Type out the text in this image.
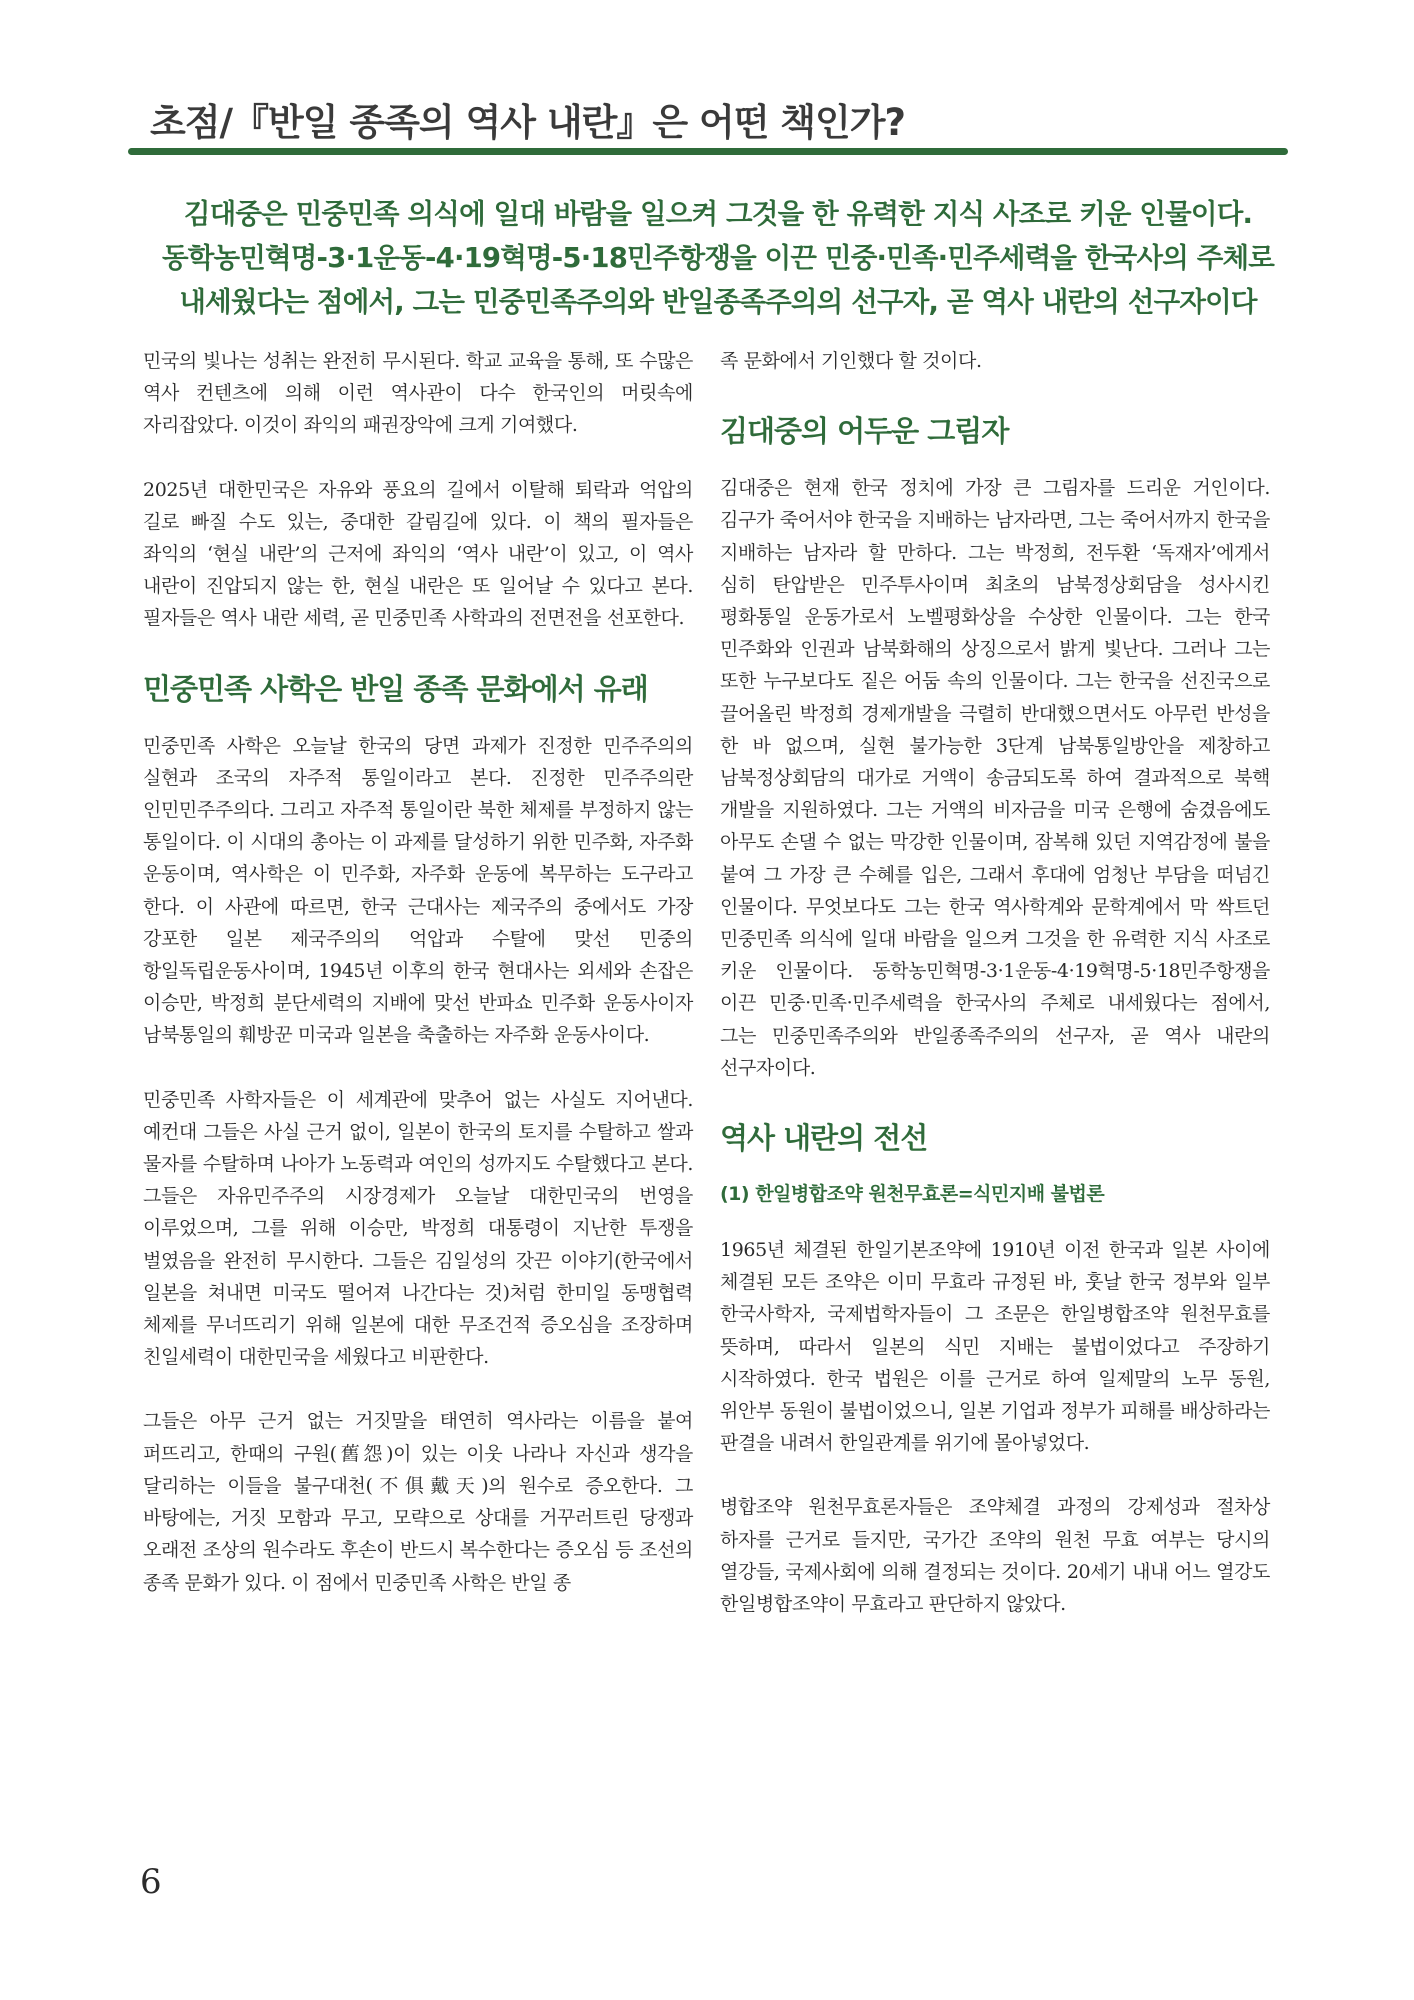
초점/『반일 종족의 역사 내란』은 어떤 책인가?
김대중은 민중민족 의식에 일대 바람을 일으켜 그것을 한 유력한 지식 사조로 키운 인물이다.
동학농민혁명-3·1운동-4·19혁명-5·18민주항쟁을 이끈 민중·민족·민주세력을 한국사의 주체로
내세웠다는 점에서, 그는 민중민족주의와 반일종족주의의 선구자, 곧 역사 내란의 선구자이다

민국의 빛나는 성취는 완전히 무시된다. 학교 교육을 통해, 또 수많은 역사 컨텐츠에 의해 이런 역사관이 다수 한국인의 머릿속에 자리잡았다. 이것이 좌익의 패권장악에 크게 기여했다.

2025년 대한민국은 자유와 풍요의 길에서 이탈해 퇴락과 억압의 길로 빠질 수도 있는, 중대한 갈림길에 있다. 이 책의 필자들은 좌익의 ‘현실 내란’의 근저에 좌익의 ‘역사 내란’이 있고, 이 역사 내란이 진압되지 않는 한, 현실 내란은 또 일어날 수 있다고 본다. 필자들은 역사 내란 세력, 곧 민중민족 사학과의 전면전을 선포한다.

민중민족 사학은 반일 종족 문화에서 유래

민중민족 사학은 오늘날 한국의 당면 과제가 진정한 민주주의의 실현과 조국의 자주적 통일이라고 본다. 진정한 민주주의란 인민민주주의다. 그리고 자주적 통일이란 북한 체제를 부정하지 않는 통일이다. 이 시대의 총아는 이 과제를 달성하기 위한 민주화, 자주화 운동이며, 역사학은 이 민주화, 자주화 운동에 복무하는 도구라고 한다. 이 사관에 따르면, 한국 근대사는 제국주의 중에서도 가장 강포한 일본 제국주의의 억압과 수탈에 맞선 민중의 항일독립운동사이며, 1945년 이후의 한국 현대사는 외세와 손잡은 이승만, 박정희 분단세력의 지배에 맞선 반파쇼 민주화 운동사이자 남북통일의 훼방꾼 미국과 일본을 축출하는 자주화 운동사이다.

민중민족 사학자들은 이 세계관에 맞추어 없는 사실도 지어낸다. 예컨대 그들은 사실 근거 없이, 일본이 한국의 토지를 수탈하고 쌀과 물자를 수탈하며 나아가 노동력과 여인의 성까지도 수탈했다고 본다. 그들은 자유민주주의 시장경제가 오늘날 대한민국의 번영을 이루었으며, 그를 위해 이승만, 박정희 대통령이 지난한 투쟁을 벌였음을 완전히 무시한다. 그들은 김일성의 갓끈 이야기(한국에서 일본을 쳐내면 미국도 떨어져 나간다는 것)처럼 한미일 동맹협력 체제를 무너뜨리기 위해 일본에 대한 무조건적 증오심을 조장하며 친일세력이 대한민국을 세웠다고 비판한다.

그들은 아무 근거 없는 거짓말을 태연히 역사라는 이름을 붙여 퍼뜨리고, 한때의 구원(舊怨)이 있는 이웃 나라나 자신과 생각을 달리하는 이들을 불구대천(不俱戴天)의 원수로 증오한다. 그 바탕에는, 거짓 모함과 무고, 모략으로 상대를 거꾸러트린 당쟁과 오래전 조상의 원수라도 후손이 반드시 복수한다는 증오심 등 조선의 종족 문화가 있다. 이 점에서 민중민족 사학은 반일 종

족 문화에서 기인했다 할 것이다.

김대중의 어두운 그림자

김대중은 현재 한국 정치에 가장 큰 그림자를 드리운 거인이다. 김구가 죽어서야 한국을 지배하는 남자라면, 그는 죽어서까지 한국을 지배하는 남자라 할 만하다. 그는 박정희, 전두환 ‘독재자’에게서 심히 탄압받은 민주투사이며 최초의 남북정상회담을 성사시킨 평화통일 운동가로서 노벨평화상을 수상한 인물이다. 그는 한국 민주화와 인권과 남북화해의 상징으로서 밝게 빛난다. 그러나 그는 또한 누구보다도 짙은 어둠 속의 인물이다. 그는 한국을 선진국으로 끌어올린 박정희 경제개발을 극렬히 반대했으면서도 아무런 반성을 한 바 없으며, 실현 불가능한 3단계 남북통일방안을 제창하고 남북정상회담의 대가로 거액이 송금되도록 하여 결과적으로 북핵 개발을 지원하였다. 그는 거액의 비자금을 미국 은행에 숨겼음에도 아무도 손댈 수 없는 막강한 인물이며, 잠복해 있던 지역감정에 불을 붙여 그 가장 큰 수혜를 입은, 그래서 후대에 엄청난 부담을 떠넘긴 인물이다. 무엇보다도 그는 한국 역사학계와 문학계에서 막 싹트던 민중민족 의식에 일대 바람을 일으켜 그것을 한 유력한 지식 사조로 키운 인물이다. 동학농민혁명-3·1운동-4·19혁명-5·18민주항쟁을 이끈 민중·민족·민주세력을 한국사의 주체로 내세웠다는 점에서, 그는 민중민족주의와 반일종족주의의 선구자, 곧 역사 내란의 선구자이다.

역사 내란의 전선
(1) 한일병합조약 원천무효론=식민지배 불법론

1965년 체결된 한일기본조약에 1910년 이전 한국과 일본 사이에 체결된 모든 조약은 이미 무효라 규정된 바, 훗날 한국 정부와 일부 한국사학자, 국제법학자들이 그 조문은 한일병합조약 원천무효를 뜻하며, 따라서 일본의 식민 지배는 불법이었다고 주장하기 시작하였다. 한국 법원은 이를 근거로 하여 일제말의 노무 동원, 위안부 동원이 불법이었으니, 일본 기업과 정부가 피해를 배상하라는 판결을 내려서 한일관계를 위기에 몰아넣었다.

병합조약 원천무효론자들은 조약체결 과정의 강제성과 절차상 하자를 근거로 들지만, 국가간 조약의 원천 무효 여부는 당시의 열강들, 국제사회에 의해 결정되는 것이다. 20세기 내내 어느 열강도 한일병합조약이 무효라고 판단하지 않았다.

6
